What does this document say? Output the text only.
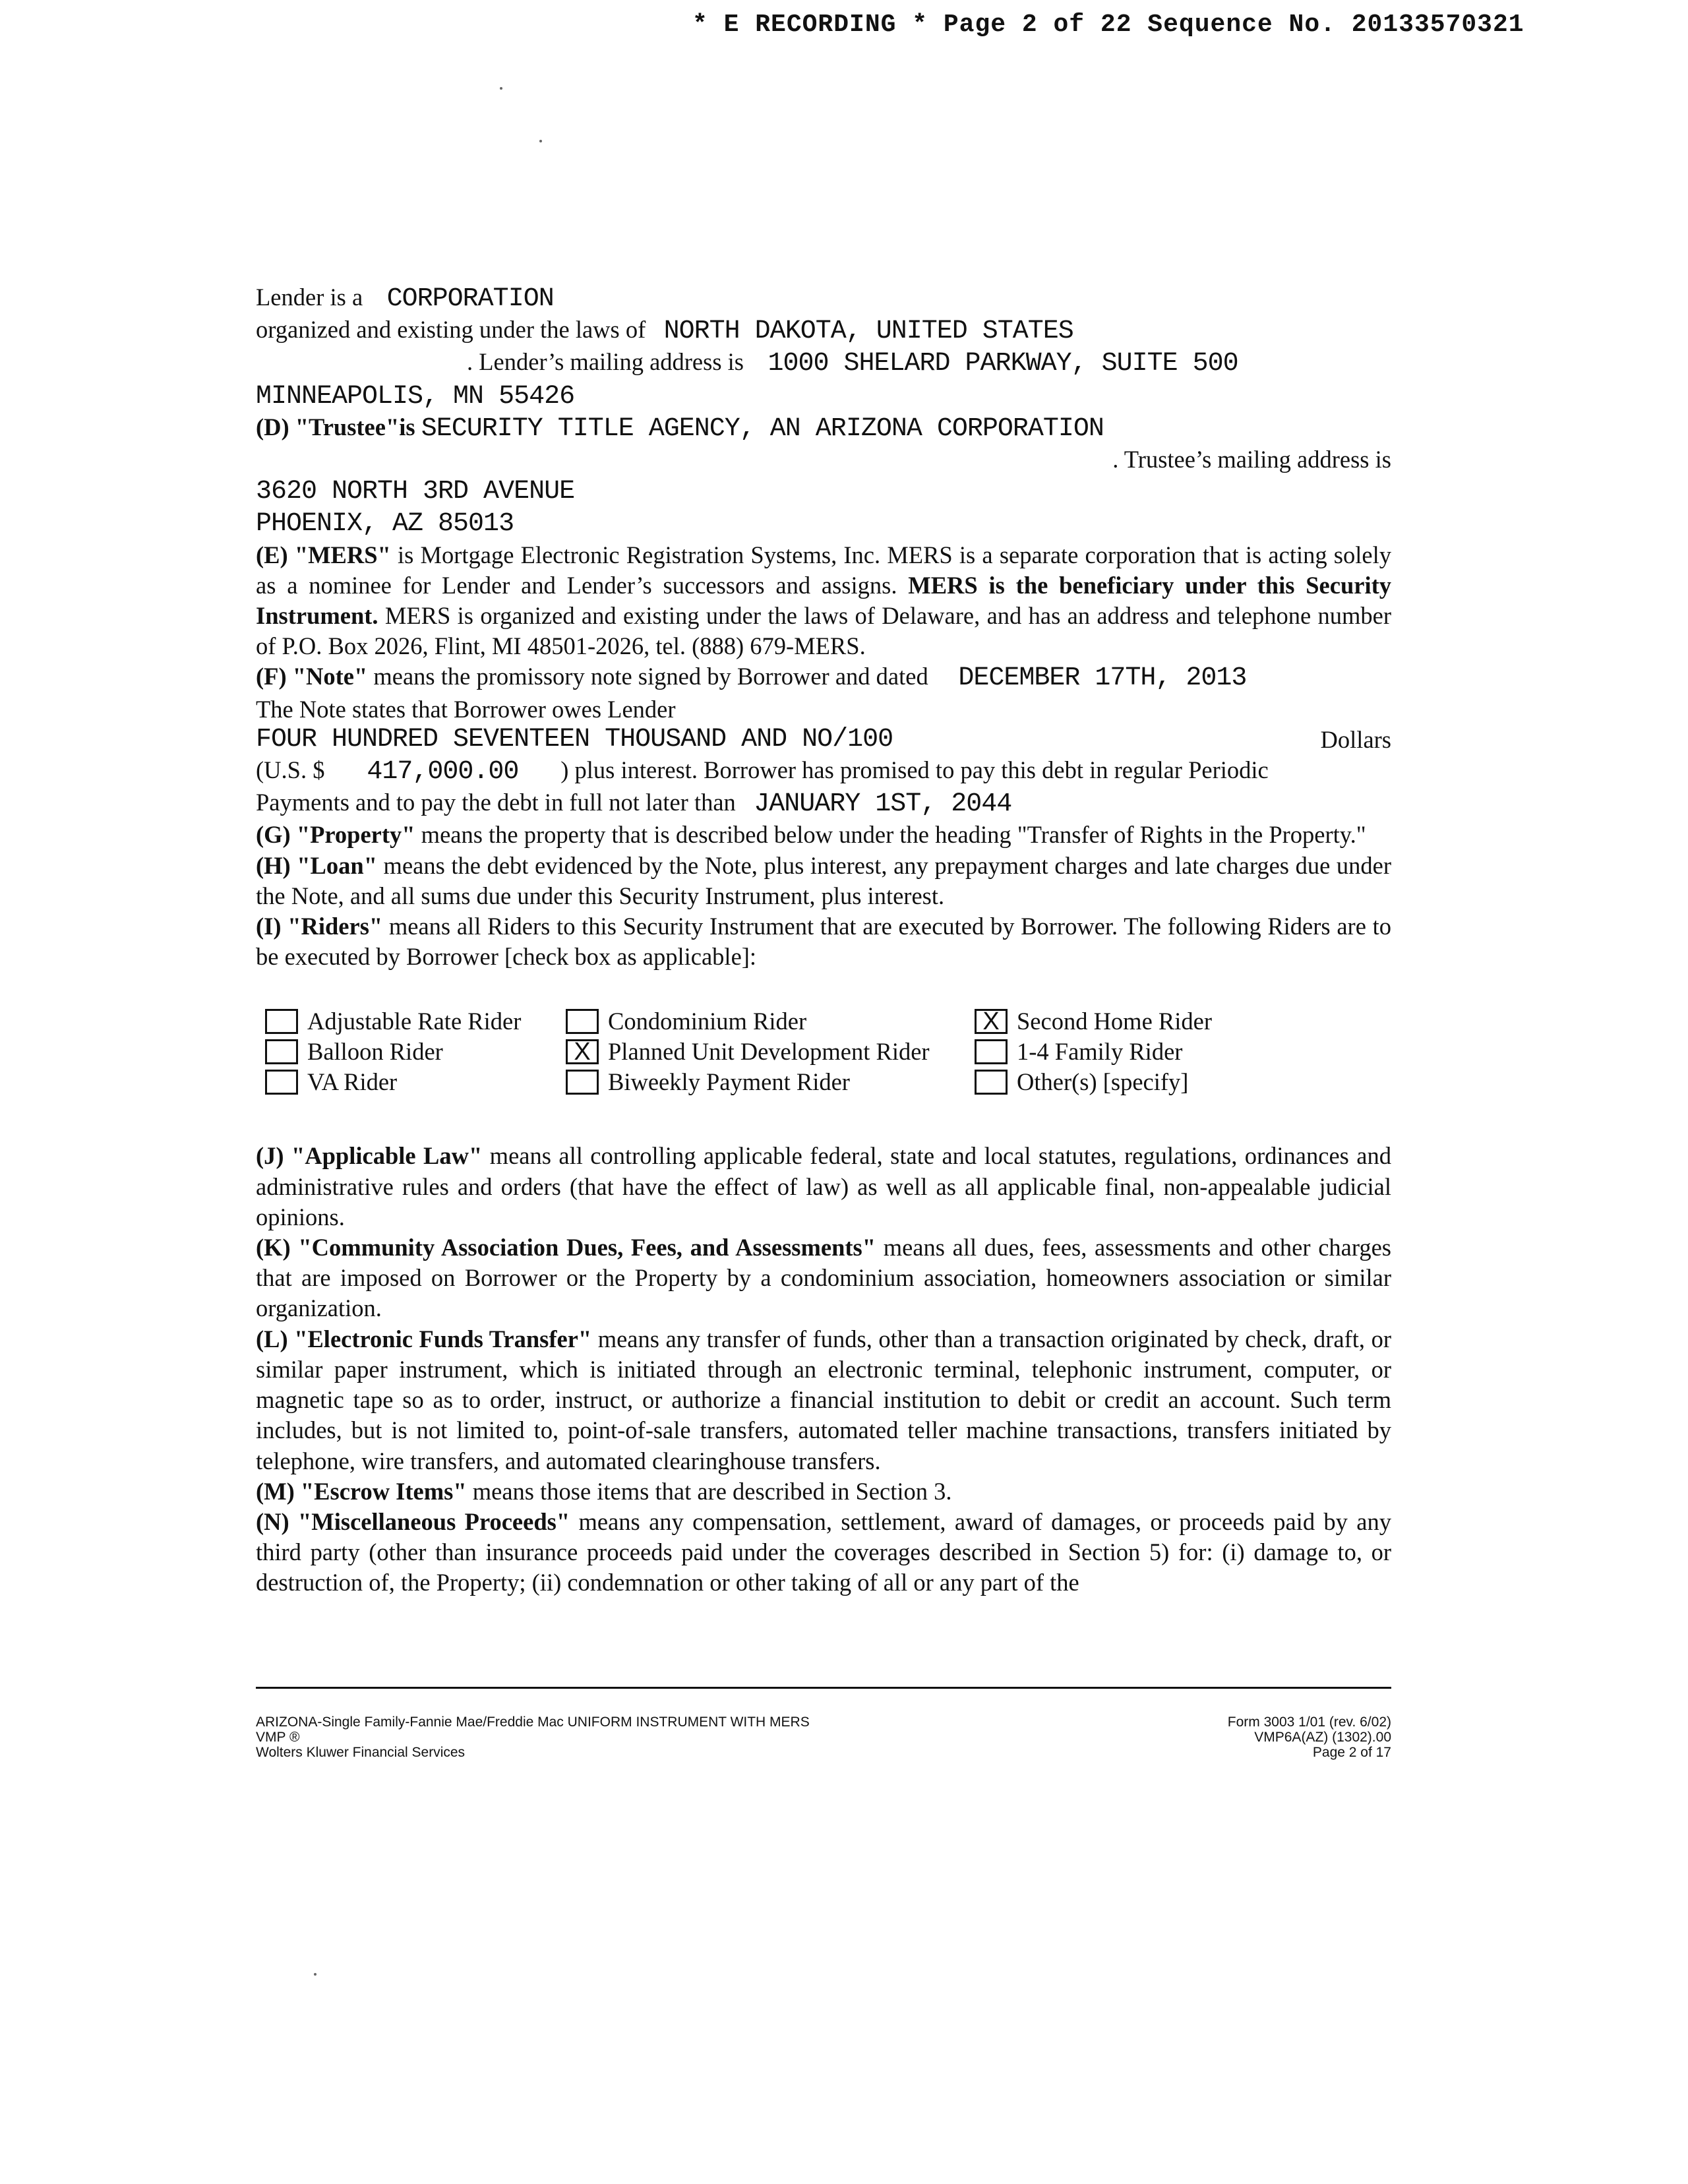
* E RECORDING * Page 2 of 22 Sequence No. 20133570321
Lender is a CORPORATION
organized and existing under the laws of NORTH DAKOTA, UNITED STATES
. Lender’s mailing address is 1000 SHELARD PARKWAY, SUITE 500
MINNEAPOLIS, MN 55426
(D) "Trustee"is SECURITY TITLE AGENCY, AN ARIZONA CORPORATION
. Trustee’s mailing address is
3620 NORTH 3RD AVENUE
PHOENIX, AZ 85013

(E) "MERS" is Mortgage Electronic Registration Systems, Inc. MERS is a separate corporation that is acting solely as a nominee for Lender and Lender’s successors and assigns. MERS is the beneficiary under this Security Instrument. MERS is organized and existing under the laws of Delaware, and has an address and telephone number of P.O. Box 2026, Flint, MI 48501-2026, tel. (888) 679-MERS.

(F) "Note" means the promissory note signed by Borrower and dated DECEMBER 17TH, 2013
The Note states that Borrower owes Lender
FOUR HUNDRED SEVENTEEN THOUSAND AND NO/100	Dollars
(U.S. $ 417,000.00 ) plus interest. Borrower has promised to pay this debt in regular Periodic
Payments and to pay the debt in full not later than JANUARY 1ST, 2044

(G) "Property" means the property that is described below under the heading "Transfer of Rights in the Property."

(H) "Loan" means the debt evidenced by the Note, plus interest, any prepayment charges and late charges due under the Note, and all sums due under this Security Instrument, plus interest.

(I) "Riders" means all Riders to this Security Instrument that are executed by Borrower. The following Riders are to be executed by Borrower [check box as applicable]:

Adjustable Rate Rider	Condominium Rider	X Second Home Rider
Balloon Rider	X Planned Unit Development Rider	1-4 Family Rider
VA Rider	Biweekly Payment Rider	Other(s) [specify]

(J) "Applicable Law" means all controlling applicable federal, state and local statutes, regulations, ordinances and administrative rules and orders (that have the effect of law) as well as all applicable final, non-appealable judicial opinions.

(K) "Community Association Dues, Fees, and Assessments" means all dues, fees, assessments and other charges that are imposed on Borrower or the Property by a condominium association, homeowners association or similar organization.

(L) "Electronic Funds Transfer" means any transfer of funds, other than a transaction originated by check, draft, or similar paper instrument, which is initiated through an electronic terminal, telephonic instrument, computer, or magnetic tape so as to order, instruct, or authorize a financial institution to debit or credit an account. Such term includes, but is not limited to, point-of-sale transfers, automated teller machine transactions, transfers initiated by telephone, wire transfers, and automated clearinghouse transfers.

(M) "Escrow Items" means those items that are described in Section 3.

(N) "Miscellaneous Proceeds" means any compensation, settlement, award of damages, or proceeds paid by any third party (other than insurance proceeds paid under the coverages described in Section 5) for: (i) damage to, or destruction of, the Property; (ii) condemnation or other taking of all or any part of the

ARIZONA-Single Family-Fannie Mae/Freddie Mac UNIFORM INSTRUMENT WITH MERS
VMP ®
Wolters Kluwer Financial Services
Form 3003 1/01 (rev. 6/02)
VMP6A(AZ) (1302).00
Page 2 of 17
